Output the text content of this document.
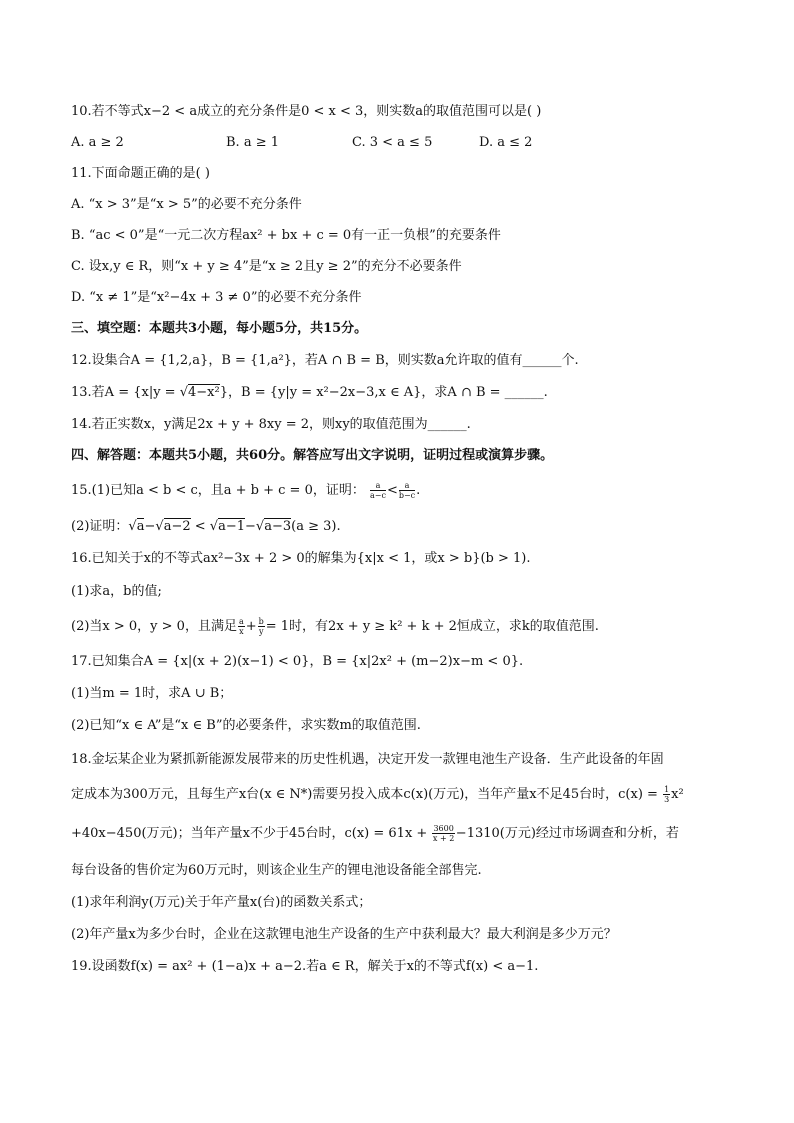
10.若不等式x−2 < a成立的充分条件是0 < x < 3，则实数a的取值范围可以是( )
A. a ≥ 2	B. a ≥ 1	C. 3 < a ≤ 5	D. a ≤ 2
11.下面命题正确的是( )
A. “x > 3”是“x > 5”的必要不充分条件
B. “ac < 0”是“一元二次方程ax² + bx + c = 0有一正一负根”的充要条件
C. 设x,y ∈ R，则“x + y ≥ 4”是“x ≥ 2且y ≥ 2”的充分不必要条件
D. “x ≠ 1”是“x²−4x + 3 ≠ 0”的必要不充分条件
三、填空题：本题共3小题，每小题5分，共15分。
12.设集合A = {1,2,a}，B = {1,a²}，若A ∩ B = B，则实数a允许取的值有______个.
13.若A = {x|y = √4−x²}，B = {y|y = x²−2x−3,x ∈ A}，求A ∩ B = ______.
14.若正实数x，y满足2x + y + 8xy = 2，则xy的取值范围为______.
四、解答题：本题共5小题，共60分。解答应写出文字说明，证明过程或演算步骤。
15.(1)已知a < b < c，且a + b + c = 0，证明： $\frac{a}{a-c} < \frac{a}{b-c}$ .
(2)证明：√a−√a−2 < √a−1−√a−3(a ≥ 3).
16.已知关于x的不等式ax²−3x + 2 > 0的解集为{x|x < 1，或x > b}(b > 1).
(1)求a，b的值;
(2)当x > 0，y > 0，且满足 $\frac{a}{x} + \frac{b}{y} = 1$时，有2x + y ≥ k² + k + 2恒成立，求k的取值范围.
17.已知集合A = {x|(x + 2)(x−1) < 0}，B = {x|2x² + (m−2)x−m < 0}.
(1)当m = 1时，求A ∪ B；
(2)已知“x ∈ A”是“x ∈ B”的必要条件，求实数m的取值范围.
18.金坛某企业为紧抓新能源发展带来的历史性机遇，决定开发一款锂电池生产设备．生产此设备的年固
定成本为300万元，且每生产x台(x ∈ N*)需要另投入成本c(x)(万元)，当年产量x不足45台时，$c(x) = \frac{1}{3} x^2$
+40x−450(万元)；当年产量x不少于45台时，$c(x) = 61x + \frac{3600}{x + 2} -1310$(万元)经过市场调查和分析，若
每台设备的售价定为60万元时，则该企业生产的锂电池设备能全部售完.
(1)求年利润y(万元)关于年产量x(台)的函数关系式；
(2)年产量x为多少台时，企业在这款锂电池生产设备的生产中获利最大？最大利润是多少万元？
19.设函数f(x) = ax² + (1−a)x + a−2.若a ∈ R，解关于x的不等式f(x) < a−1.
